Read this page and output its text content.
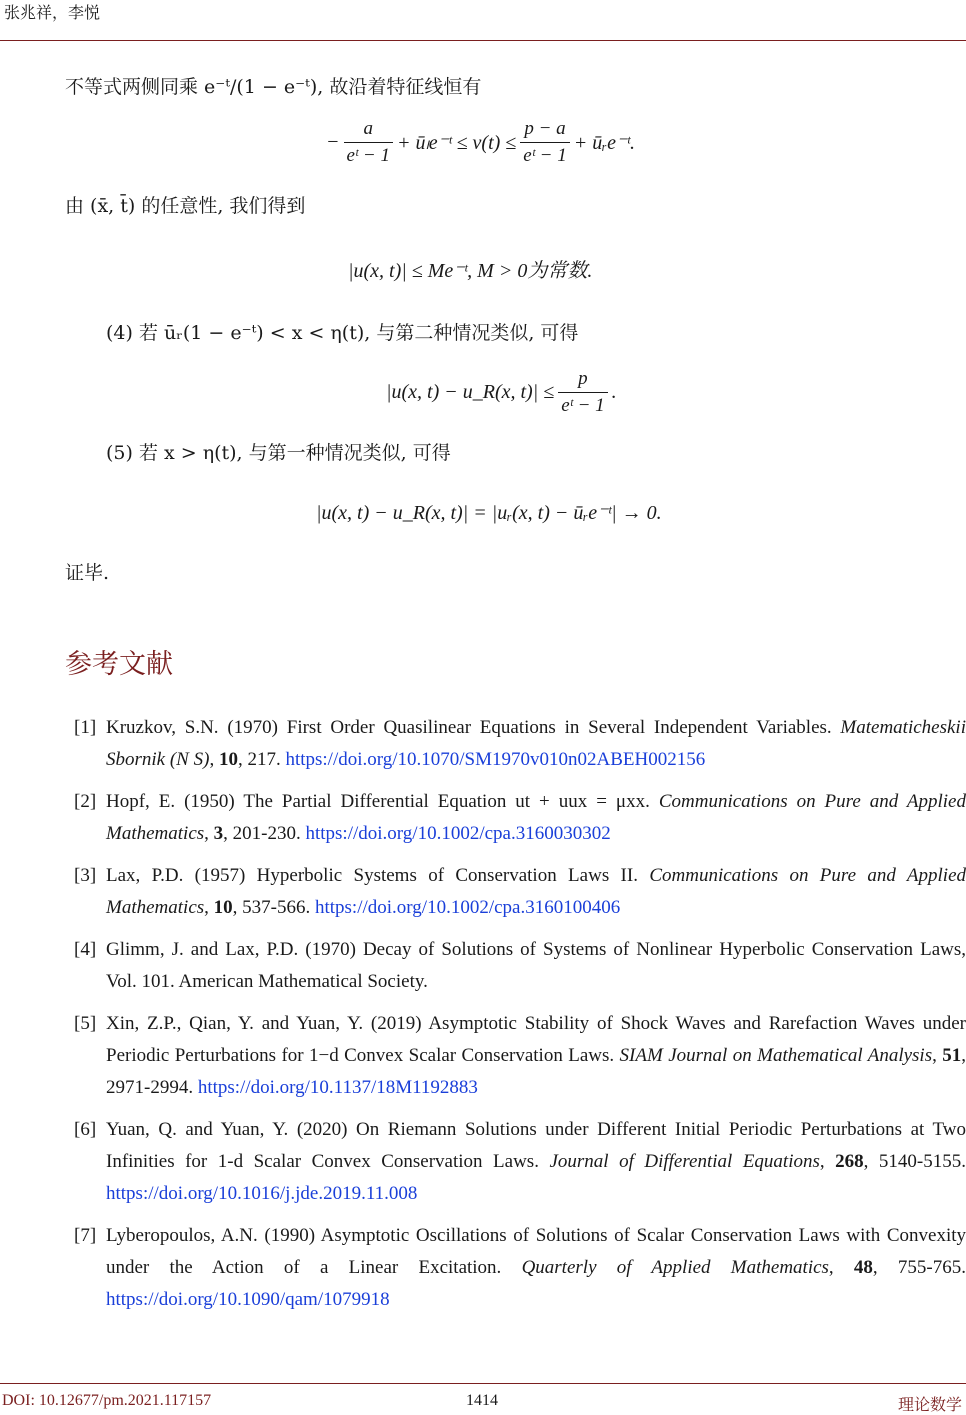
张兆祥，李悦
不等式两侧同乘 e⁻ᵗ/(1 − e⁻ᵗ), 故沿着特征线恒有
− $\frac{a}{\text{eᵗ − 1}}$ + ūₗe⁻ᵗ ≤ $v(t) \le \frac{p - a}{\text{eᵗ − 1}}$ + ūᵣe⁻ᵗ.
由 (x̄, t̄) 的任意性, 我们得到
|u(x, t)| ≤ Me⁻ᵗ, M > 0为常数.
(4) 若 ūᵣ(1 − e⁻ᵗ) < x < η(t), 与第二种情况类似, 可得
|u(x, t) − u_R(x, $t)| \le \frac{p}{\text{eᵗ − 1}}$ .
(5) 若 x > η(t), 与第一种情况类似, 可得
|u(x, t) − u_R(x, t)| = |uᵣ(x, t) − ūᵣe⁻ᵗ| → 0.
证毕.
参考文献
[1] Kruzkov, S.N. (1970) First Order Quasilinear Equations in Several Independent Variables. Matematicheskii Sbornik (N S), 10, 217. https://doi.org/10.1070/SM1970v010n02ABEH002156
[2] Hopf, E. (1950) The Partial Differential Equation ut + uux = μxx. Communications on Pure and Applied Mathematics, 3, 201-230. https://doi.org/10.1002/cpa.3160030302
[3] Lax, P.D. (1957) Hyperbolic Systems of Conservation Laws II. Communications on Pure and Applied Mathematics, 10, 537-566. https://doi.org/10.1002/cpa.3160100406
[4] Glimm, J. and Lax, P.D. (1970) Decay of Solutions of Systems of Nonlinear Hyperbolic Conservation Laws, Vol. 101. American Mathematical Society.
[5] Xin, Z.P., Qian, Y. and Yuan, Y. (2019) Asymptotic Stability of Shock Waves and Rarefaction Waves under Periodic Perturbations for 1−d Convex Scalar Conservation Laws. SIAM Journal on Mathematical Analysis, 51, 2971-2994. https://doi.org/10.1137/18M1192883
[6] Yuan, Q. and Yuan, Y. (2020) On Riemann Solutions under Different Initial Periodic Perturbations at Two Infinities for 1-d Scalar Convex Conservation Laws. Journal of Differential Equations, 268, 5140-5155. https://doi.org/10.1016/j.jde.2019.11.008
[7] Lyberopoulos, A.N. (1990) Asymptotic Oscillations of Solutions of Scalar Conservation Laws with Convexity under the Action of a Linear Excitation. Quarterly of Applied Mathematics, 48, 755-765. https://doi.org/10.1090/qam/1079918
DOI: 10.12677/pm.2021.117157	1414	理论数学
